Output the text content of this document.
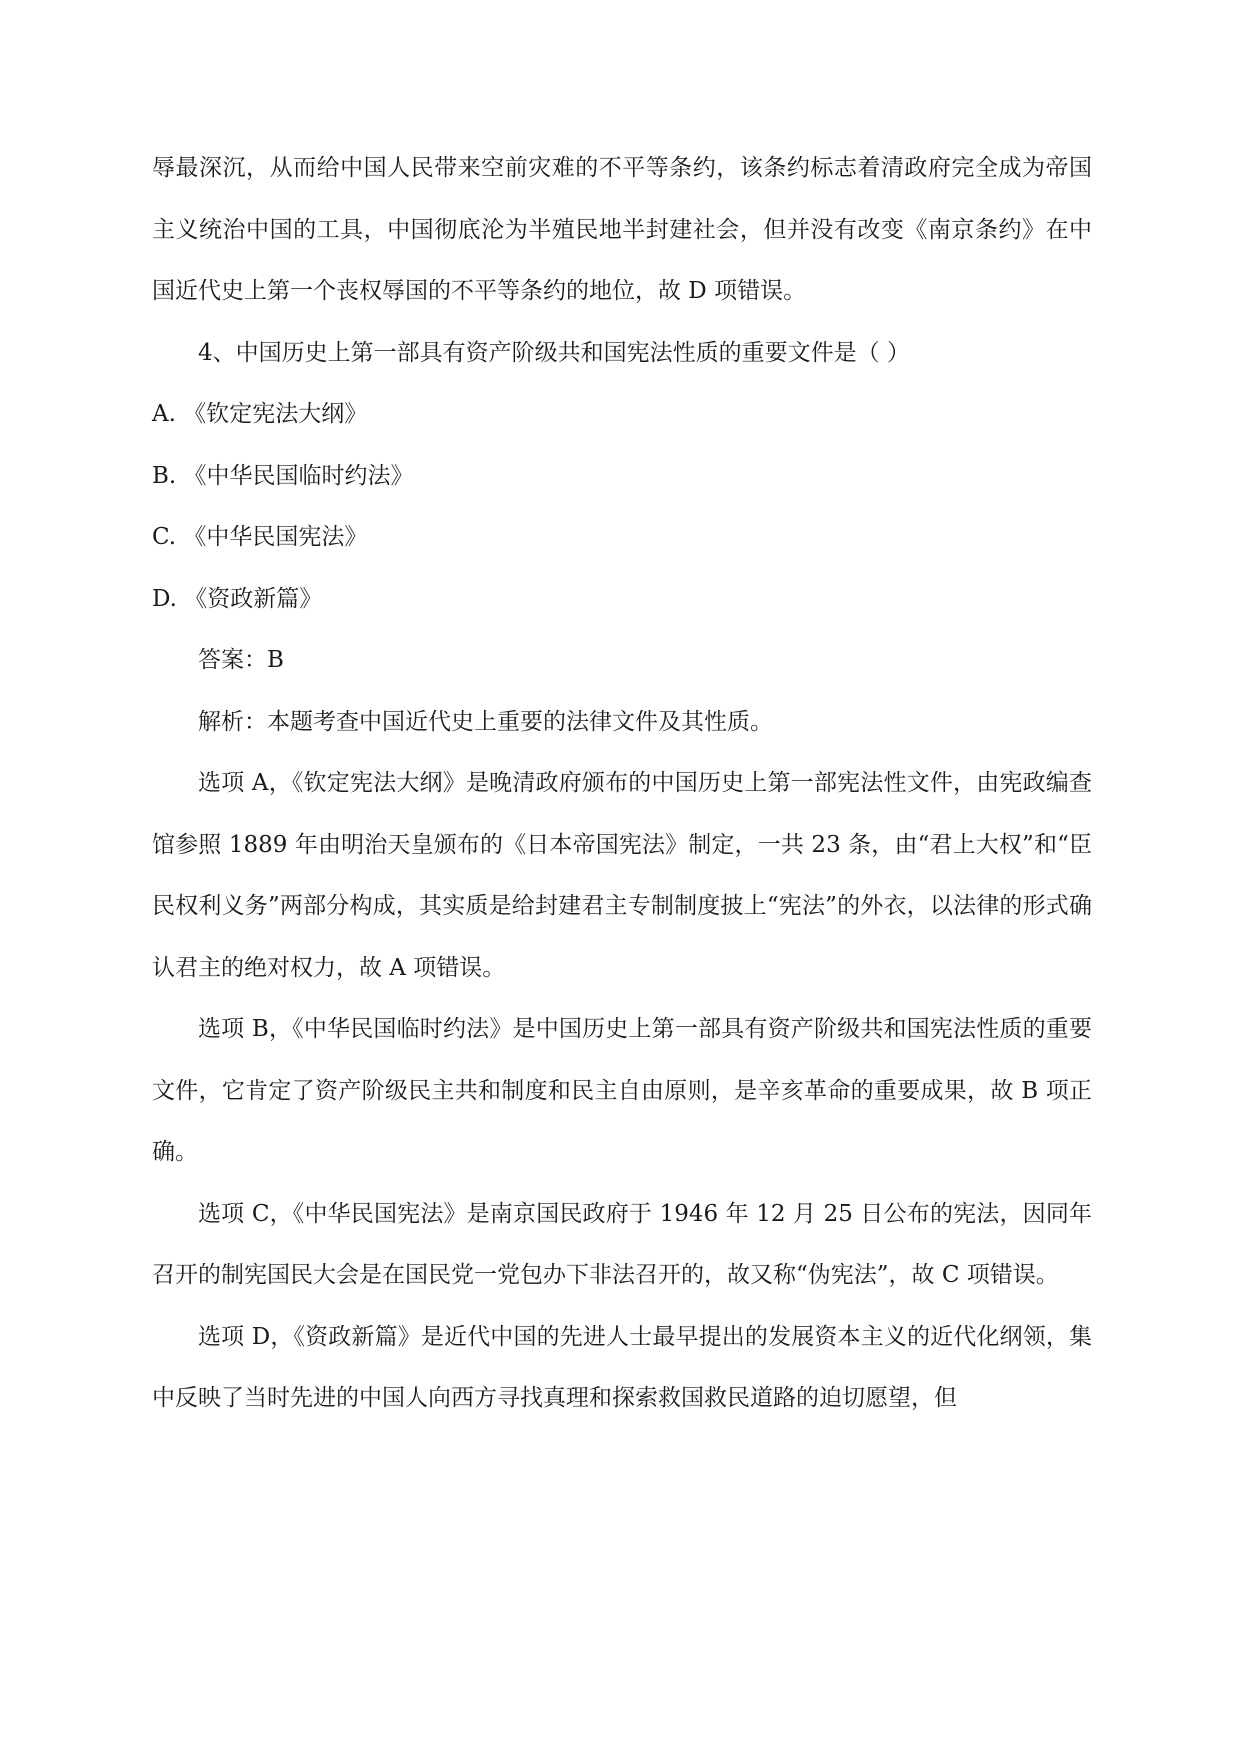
辱最深沉，从而给中国人民带来空前灾难的不平等条约，该条约标志着清政府完全成为帝国主义统治中国的工具，中国彻底沦为半殖民地半封建社会，但并没有改变《南京条约》在中国近代史上第一个丧权辱国的不平等条约的地位，故 D 项错误。

4、中国历史上第一部具有资产阶级共和国宪法性质的重要文件是（ ）

A. 《钦定宪法大纲》

B. 《中华民国临时约法》

C. 《中华民国宪法》

D. 《资政新篇》

答案：B

解析：本题考查中国近代史上重要的法律文件及其性质。

选项 A，《钦定宪法大纲》是晚清政府颁布的中国历史上第一部宪法性文件，由宪政编查馆参照 1889 年由明治天皇颁布的《日本帝国宪法》制定，一共 23 条，由“君上大权”和“臣民权利义务”两部分构成，其实质是给封建君主专制制度披上“宪法”的外衣，以法律的形式确认君主的绝对权力，故 A 项错误。

选项 B，《中华民国临时约法》是中国历史上第一部具有资产阶级共和国宪法性质的重要文件，它肯定了资产阶级民主共和制度和民主自由原则，是辛亥革命的重要成果，故 B 项正确。

选项 C，《中华民国宪法》是南京国民政府于 1946 年 12 月 25 日公布的宪法，因同年召开的制宪国民大会是在国民党一党包办下非法召开的，故又称“伪宪法”，故 C 项错误。

选项 D，《资政新篇》是近代中国的先进人士最早提出的发展资本主义的近代化纲领，集中反映了当时先进的中国人向西方寻找真理和探索救国救民道路的迫切愿望，但
